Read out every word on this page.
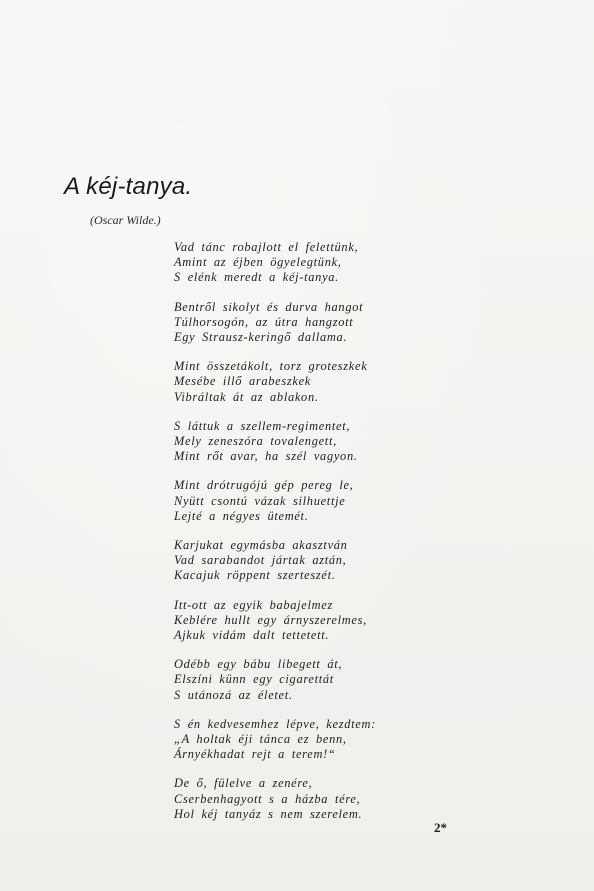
A kéj-tanya.
(Oscar Wilde.)
Vad tánc robajlott el felettünk,
Amint az éjben ögyelegtünk,
S elénk meredt a kéj-tanya.
Bentről sikolyt és durva hangot
Túlhorsogón, az útra hangzott
Egy Strausz-keringő dallama.
Mint összetákolt, torz groteszkek
Mesébe illő arabeszkek
Vibráltak át az ablakon.
S láttuk a szellem-regimentet,
Mely zeneszóra tovalengett,
Mint rőt avar, ha szél vagyon.
Mint drótrugójú gép pereg le,
Nyütt csontú vázak silhuettje
Lejté a négyes ütemét.
Karjukat egymásba akasztván
Vad sarabandot jártak aztán,
Kacajuk röppent szerteszét.
Itt-ott az egyik babajelmez
Keblére hullt egy árnyszerelmes,
Ajkuk vidám dalt tettetett.
Odébb egy bábu libegett át,
Elszíni künn egy cigarettát
S utánozá az életet.
S én kedvesemhez lépve, kezdtem:
„A holtak éji tánca ez benn,
Árnyékhadat rejt a terem!“
De ő, fülelve a zenére,
Cserbenhagyott s a házba tére,
Hol kéj tanyáz s nem szerelem.
2*
